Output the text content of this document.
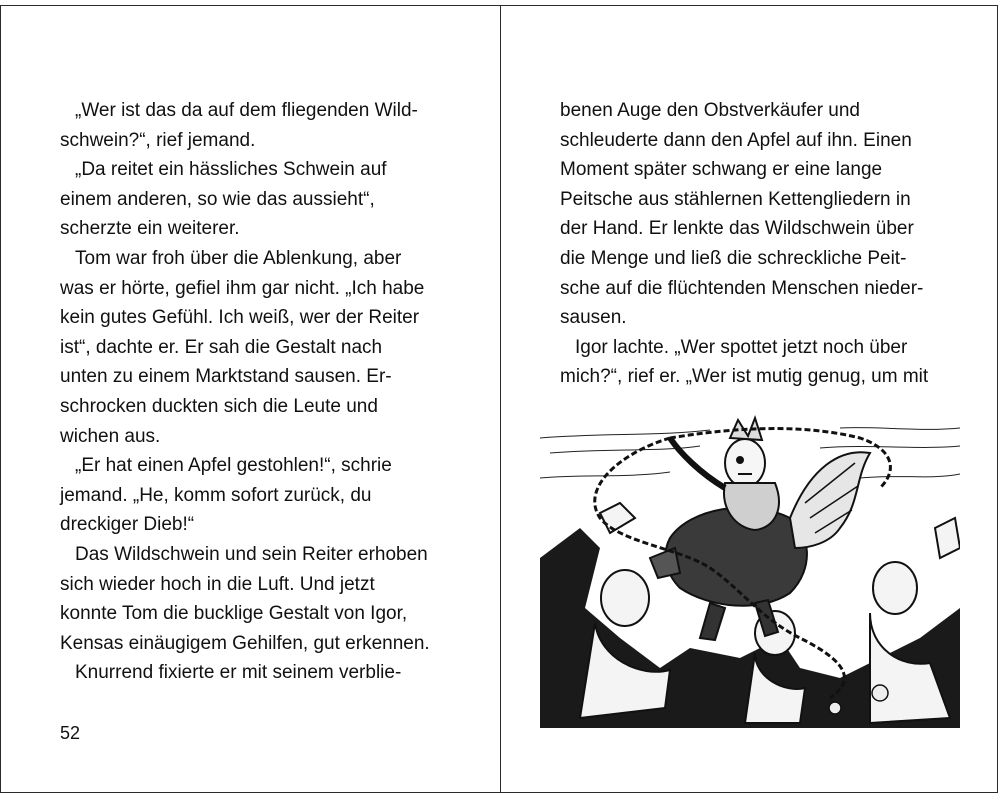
„Wer ist das da auf dem fliegenden Wild-
schwein?“, rief jemand.
„Da reitet ein hässliches Schwein auf
einem anderen, so wie das aussieht“,
scherzte ein weiterer.
Tom war froh über die Ablenkung, aber
was er hörte, gefiel ihm gar nicht. „Ich habe
kein gutes Gefühl. Ich weiß, wer der Reiter
ist“, dachte er. Er sah die Gestalt nach
unten zu einem Marktstand sausen. Er-
schrocken duckten sich die Leute und
wichen aus.
„Er hat einen Apfel gestohlen!“, schrie
jemand. „He, komm sofort zurück, du
dreckiger Dieb!“
Das Wildschwein und sein Reiter erhoben
sich wieder hoch in die Luft. Und jetzt
konnte Tom die bucklige Gestalt von Igor,
Kensas einäugigem Gehilfen, gut erkennen.
Knurrend fixierte er mit seinem verblie-
52
benen Auge den Obstverkäufer und
schleuderte dann den Apfel auf ihn. Einen
Moment später schwang er eine lange
Peitsche aus stählernen Kettengliedern in
der Hand. Er lenkte das Wildschwein über
die Menge und ließ die schreckliche Peit-
sche auf die flüchtenden Menschen nieder-
sausen.
Igor lachte. „Wer spottet jetzt noch über
mich?“, rief er. „Wer ist mutig genug, um mit
